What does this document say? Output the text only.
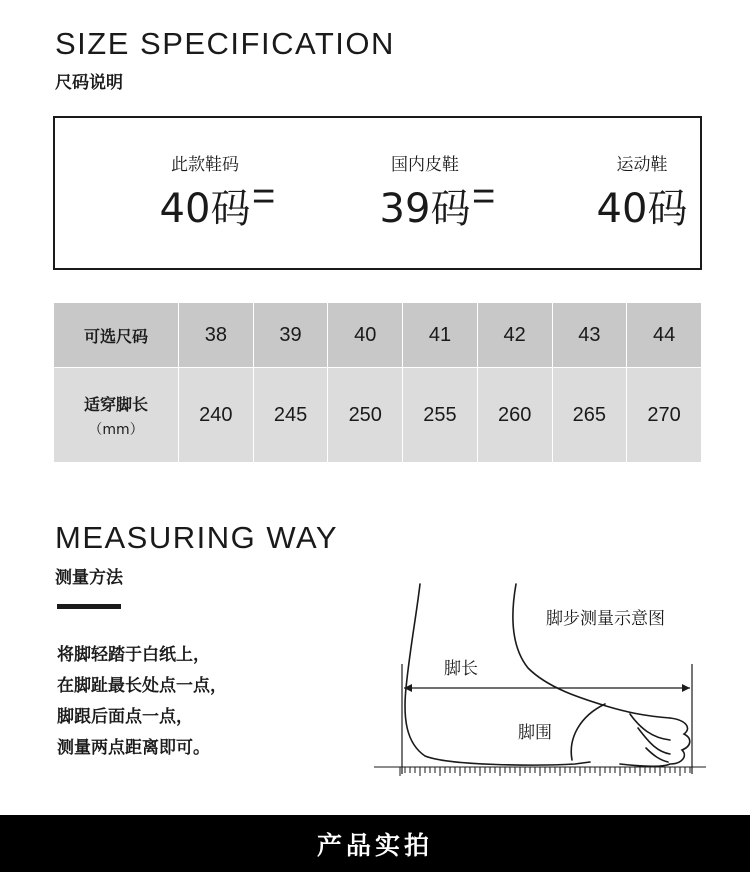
SIZE SPECIFICATION
尺码说明
此款鞋码
40码 =
国内皮鞋
39码 =
运动鞋
40码
可选尺码	38	39	40	41	42	43	44
适穿脚长
（mm）	240	245	250	255	260	265	270
MEASURING WAY
测量方法
将脚轻踏于白纸上，
在脚趾最长处点一点，
脚跟后面点一点，
测量两点距离即可。
脚步测量示意图
脚长
脚围
产品实拍
